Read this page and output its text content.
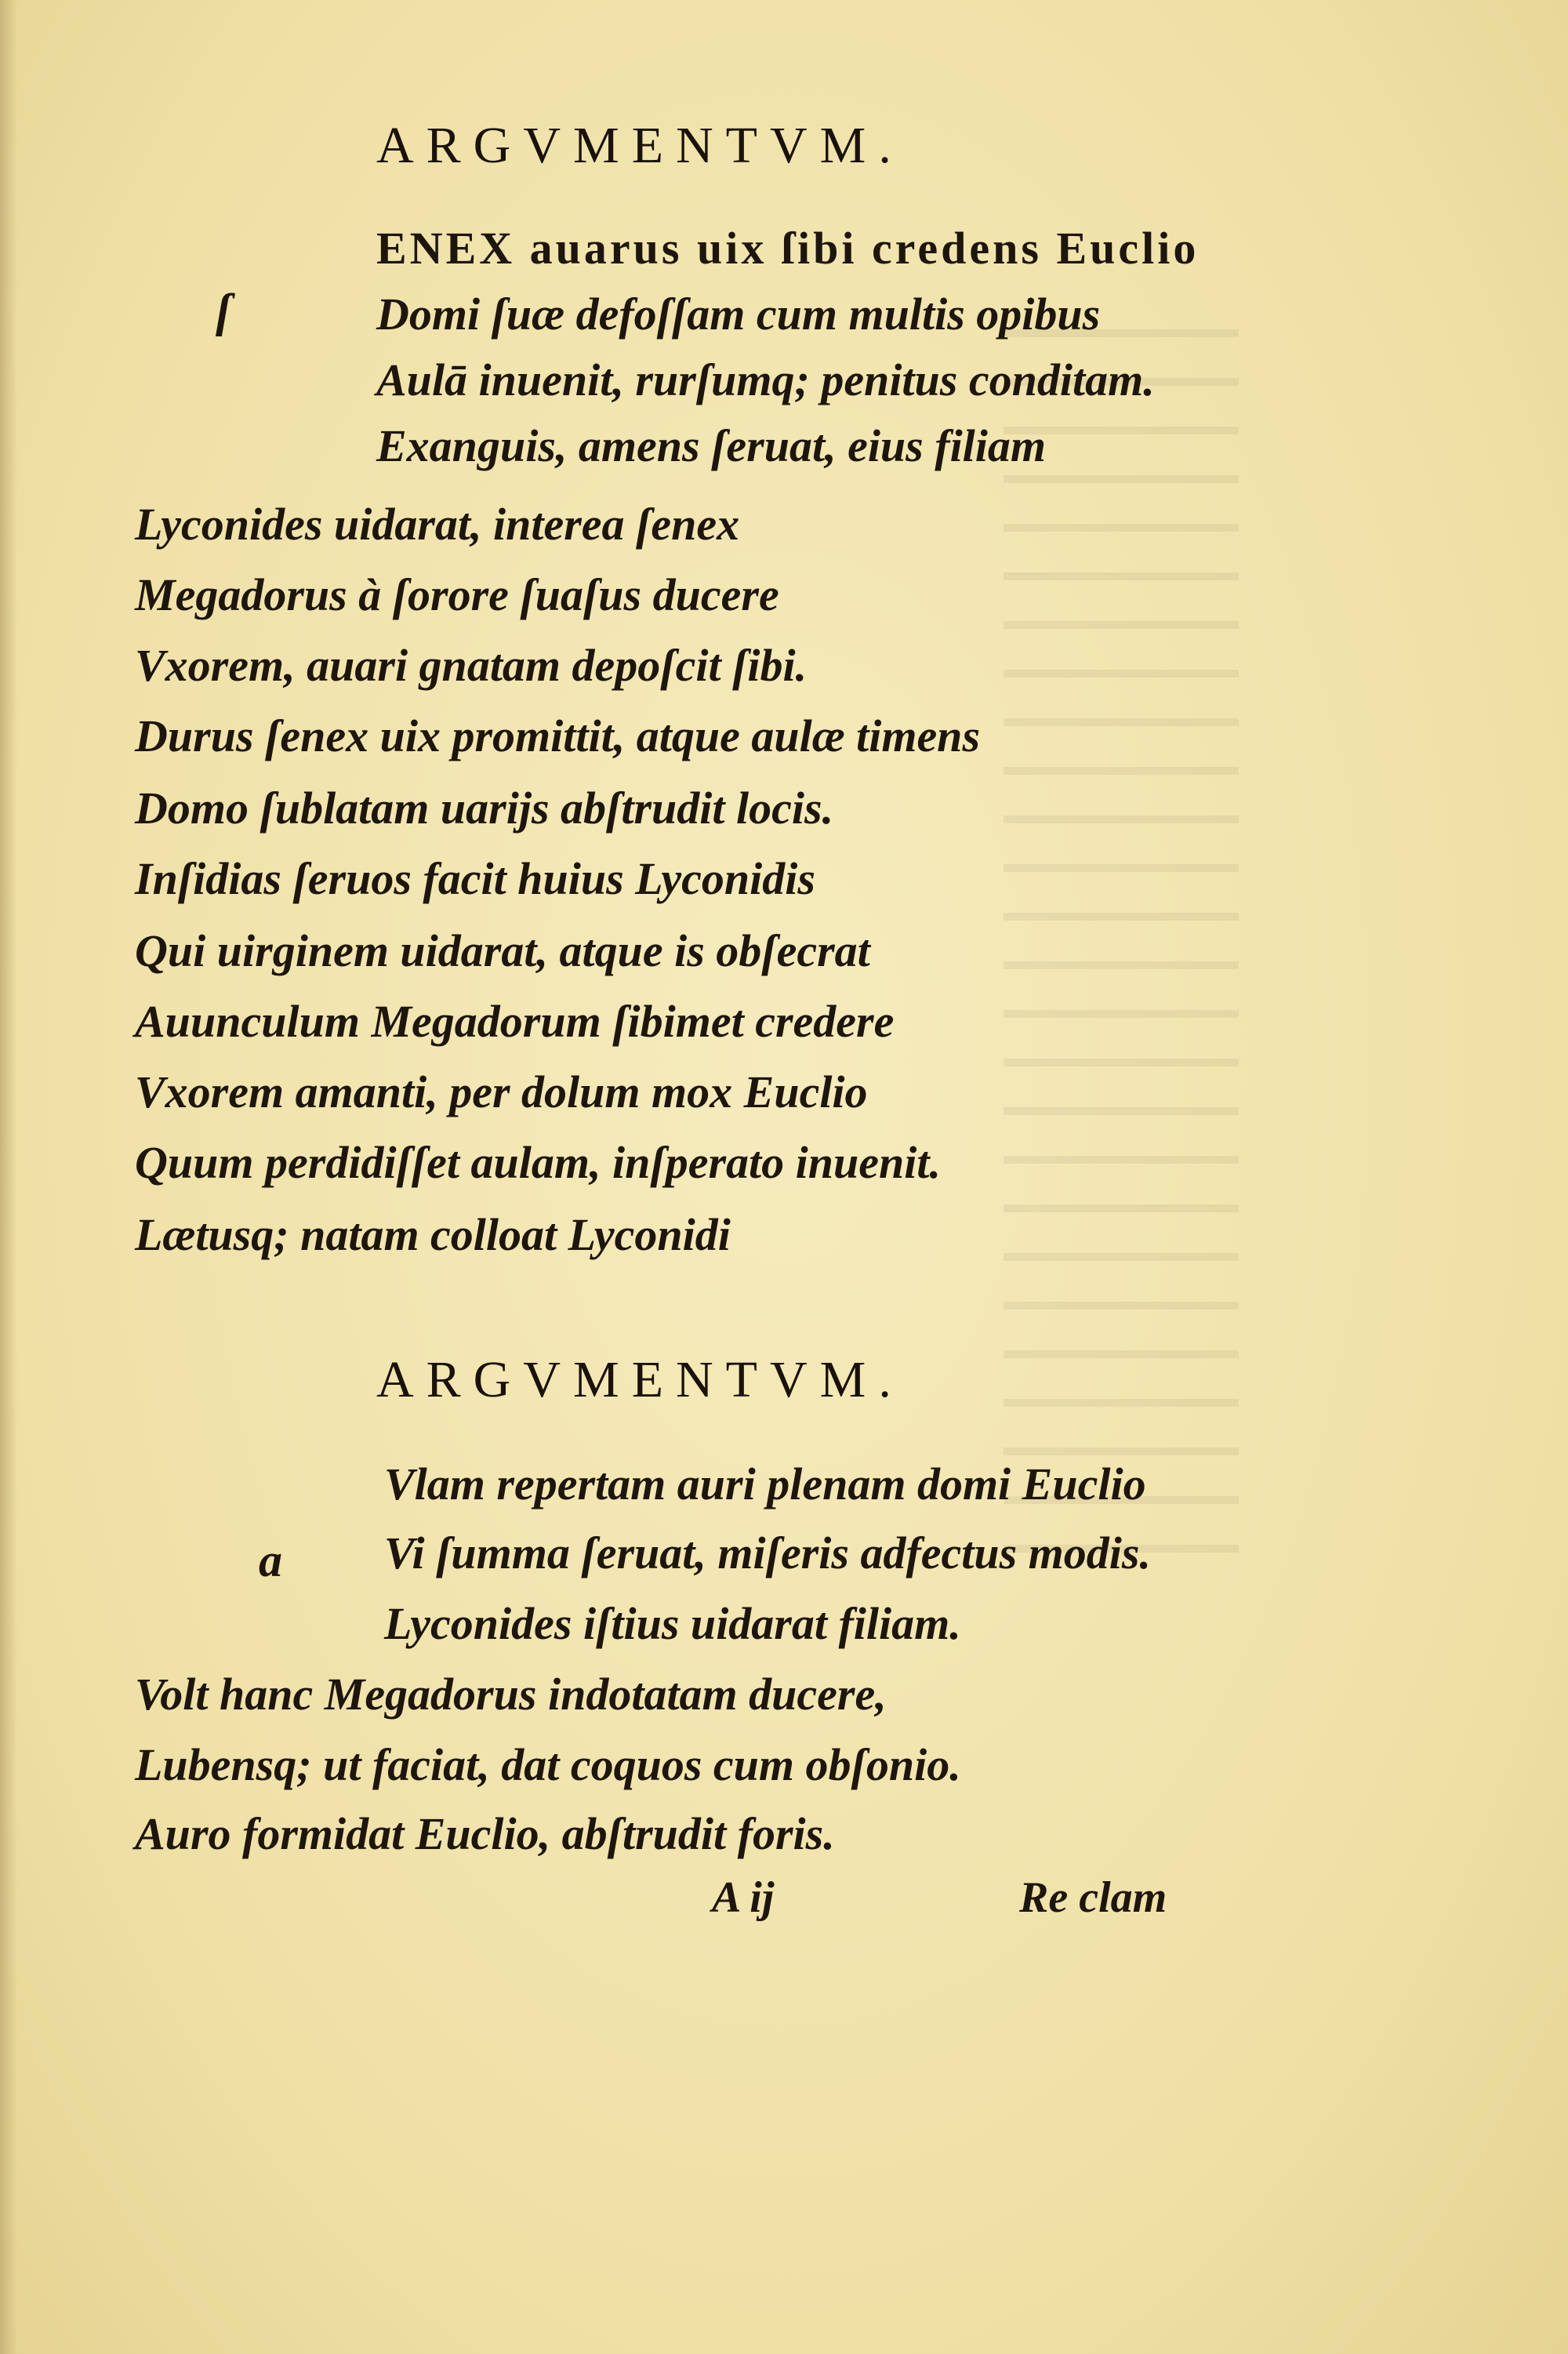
ARGVMENTVM.
ſ
ENEX auarus uix ſibi credens Euclio
Domi ſuæ defoſſam cum multis opibus
Aulā inuenit, rurſumq; penitus conditam.
Exanguis, amens ſeruat, eius filiam
Lyconides uidarat, interea ſenex
Megadorus à ſorore ſuaſus ducere
Vxorem, auari gnatam depoſcit ſibi.
Durus ſenex uix promittit, atque aulæ timens
Domo ſublatam uarijs abſtrudit locis.
Inſidias ſeruos facit huius Lyconidis
Qui uirginem uidarat, atque is obſecrat
Auunculum Megadorum ſibimet credere
Vxorem amanti, per dolum mox Euclio
Quum perdidiſſet aulam, inſperato inuenit.
Lætusq; natam colloat Lyconidi
ARGVMENTVM.
a
Vlam repertam auri plenam domi Euclio
Vi ſumma ſeruat, miſeris adfectus modis.
Lyconides iſtius uidarat filiam.
Volt hanc Megadorus indotatam ducere,
Lubensq; ut faciat, dat coquos cum obſonio.
Auro formidat Euclio, abſtrudit foris.
A ij	Re clam
